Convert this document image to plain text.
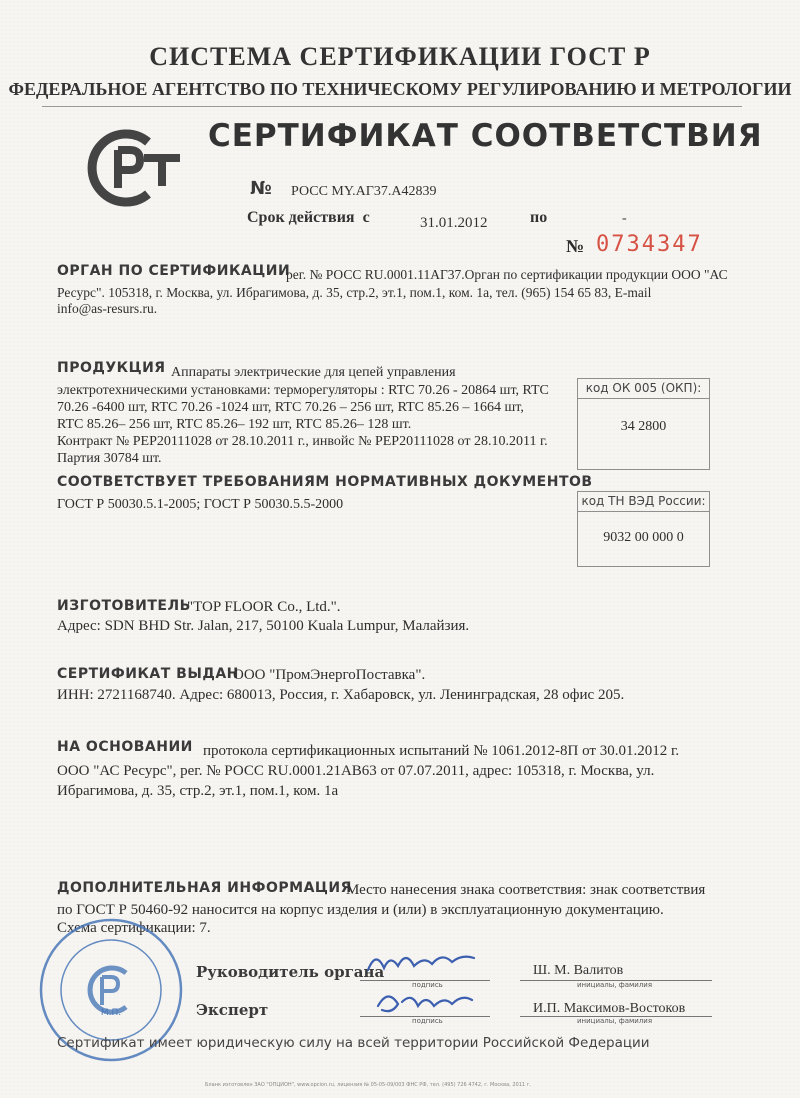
СИСТЕМА СЕРТИФИКАЦИИ ГОСТ Р
ФЕДЕРАЛЬНОЕ АГЕНТСТВО ПО ТЕХНИЧЕСКОМУ РЕГУЛИРОВАНИЮ И МЕТРОЛОГИИ
СЕРТИФИКАТ СООТВЕТСТВИЯ
№ РОСС MY.АГ37.А42839
Срок действия  с	31.01.2012	по	-
№ 0734347
ОРГАН ПО СЕРТИФИКАЦИИ
рег. № РОСС RU.0001.11АГ37.Орган по сертификации продукции ООО "АС
Ресурс". 105318, г. Москва, ул. Ибрагимова, д. 35, стр.2, эт.1, пом.1, ком. 1а, тел. (965) 154 65 83, E-mail
info@as-resurs.ru.
ПРОДУКЦИЯ Аппараты электрические для цепей управления
электротехническими установками: терморегуляторы : RTC 70.26 - 20864 шт, RTC
70.26 -6400 шт, RTC 70.26 -1024 шт, RTC 70.26 – 256 шт, RTC 85.26 – 1664 шт,
RTC 85.26– 256 шт, RTC 85.26– 192 шт, RTC 85.26– 128 шт.
Контракт № PEP20111028 от 28.10.2011 г., инвойс № PEP20111028 от 28.10.2011 г.
Партия 30784 шт.
код ОК 005 (ОКП):
34 2800
СООТВЕТСТВУЕТ ТРЕБОВАНИЯМ НОРМАТИВНЫХ ДОКУМЕНТОВ
ГОСТ Р 50030.5.1-2005; ГОСТ Р 50030.5.5-2000	код ТН ВЭД России:
9032 00 000 0
ИЗГОТОВИТЕЛЬ
"TOP FLOOR Co., Ltd.".
Адрес: SDN BHD Str. Jalan, 217, 50100 Kuala Lumpur, Малайзия.
СЕРТИФИКАТ ВЫДАН
ООО "ПромЭнергоПоставка".
ИНН: 2721168740. Адрес: 680013, Россия, г. Хабаровск, ул. Ленинградская, 28 офис 205.
НА ОСНОВАНИИ протокола сертификационных испытаний № 1061.2012-8П от 30.01.2012 г.
ООО "АС Ресурс", рег. № РОСС RU.0001.21АВ63 от 07.07.2011, адрес: 105318, г. Москва, ул.
Ибрагимова, д. 35, стр.2, эт.1, пом.1, ком. 1а
ДОПОЛНИТЕЛЬНАЯ ИНФОРМАЦИЯ
Место нанесения знака соответствия: знак соответствия
по ГОСТ Р 50460-92 наносится на корпус изделия и (или) в эксплуатационную документацию.
Схема сертификации: 7.
М.П.
Руководитель органа
подпись
Ш. М. Валитов
инициалы, фамилия
Эксперт
подпись
И.П. Максимов-Востоков
инициалы, фамилия
Сертификат имеет юридическую силу на всей территории Российской Федерации
Бланк изготовлен ЗАО "ОПЦИОН", www.opcion.ru, лицензия № 05-05-09/003 ФНС РФ, тел. (495) 726 4742, г. Москва, 2011 г.
